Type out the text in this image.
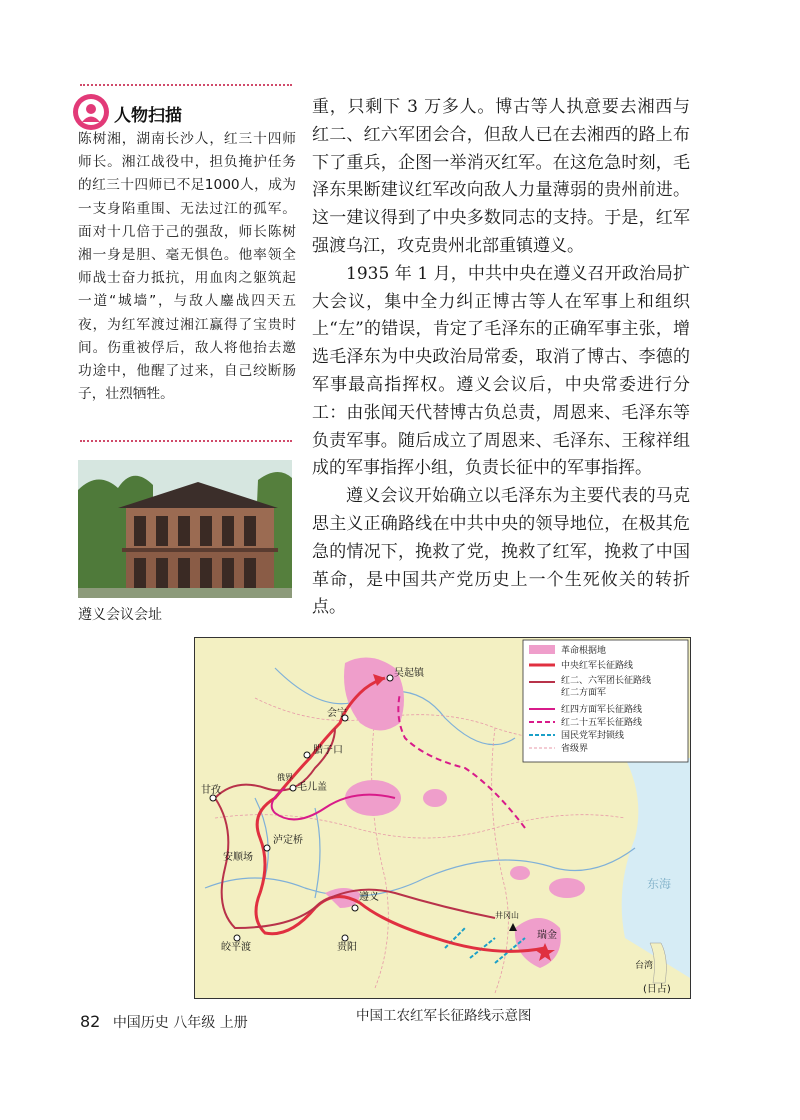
人物扫描
陈树湘，湖南长沙人，红三十四师师长。湘江战役中，担负掩护任务的红三十四师已不足1000人，成为一支身陷重围、无法过江的孤军。面对十几倍于己的强敌，师长陈树湘一身是胆、毫无惧色。他率领全师战士奋力抵抗，用血肉之躯筑起一道“城墙”，与敌人鏖战四天五夜，为红军渡过湘江赢得了宝贵时间。伤重被俘后，敌人将他抬去邀功途中，他醒了过来，自己绞断肠子，壮烈牺牲。
遵义会议会址

重，只剩下 3 万多人。博古等人执意要去湘西与红二、红六军团会合，但敌人已在去湘西的路上布下了重兵，企图一举消灭红军。在这危急时刻，毛泽东果断建议红军改向敌人力量薄弱的贵州前进。这一建议得到了中央多数同志的支持。于是，红军强渡乌江，攻克贵州北部重镇遵义。

1935 年 1 月，中共中央在遵义召开政治局扩大会议，集中全力纠正博古等人在军事上和组织上“左”的错误，肯定了毛泽东的正确军事主张，增选毛泽东为中央政治局常委，取消了博古、李德的军事最高指挥权。遵义会议后，中央常委进行分工：由张闻天代替博古负总责，周恩来、毛泽东等负责军事。随后成立了周恩来、毛泽东、王稼祥组成的军事指挥小组，负责长征中的军事指挥。

遵义会议开始确立以毛泽东为主要代表的马克思主义正确路线在中共中央的领导地位，在极其危急的情况下，挽救了党，挽救了红军，挽救了中国革命，是中国共产党历史上一个生死攸关的转折点。

吴起镇
会宁
腊子口
俄界
毛儿盖
甘孜
泸定桥
安顺场
遵义
贵阳
皎平渡
井冈山
瑞金
东海
台湾
(日占)
革命根据地
中央红军长征路线
红二、六军团长征路线
红二方面军
红四方面军长征路线
红二十五军长征路线
国民党军封锁线
省级界
中国工农红军长征路线示意图
82 中国历史 八年级 上册
